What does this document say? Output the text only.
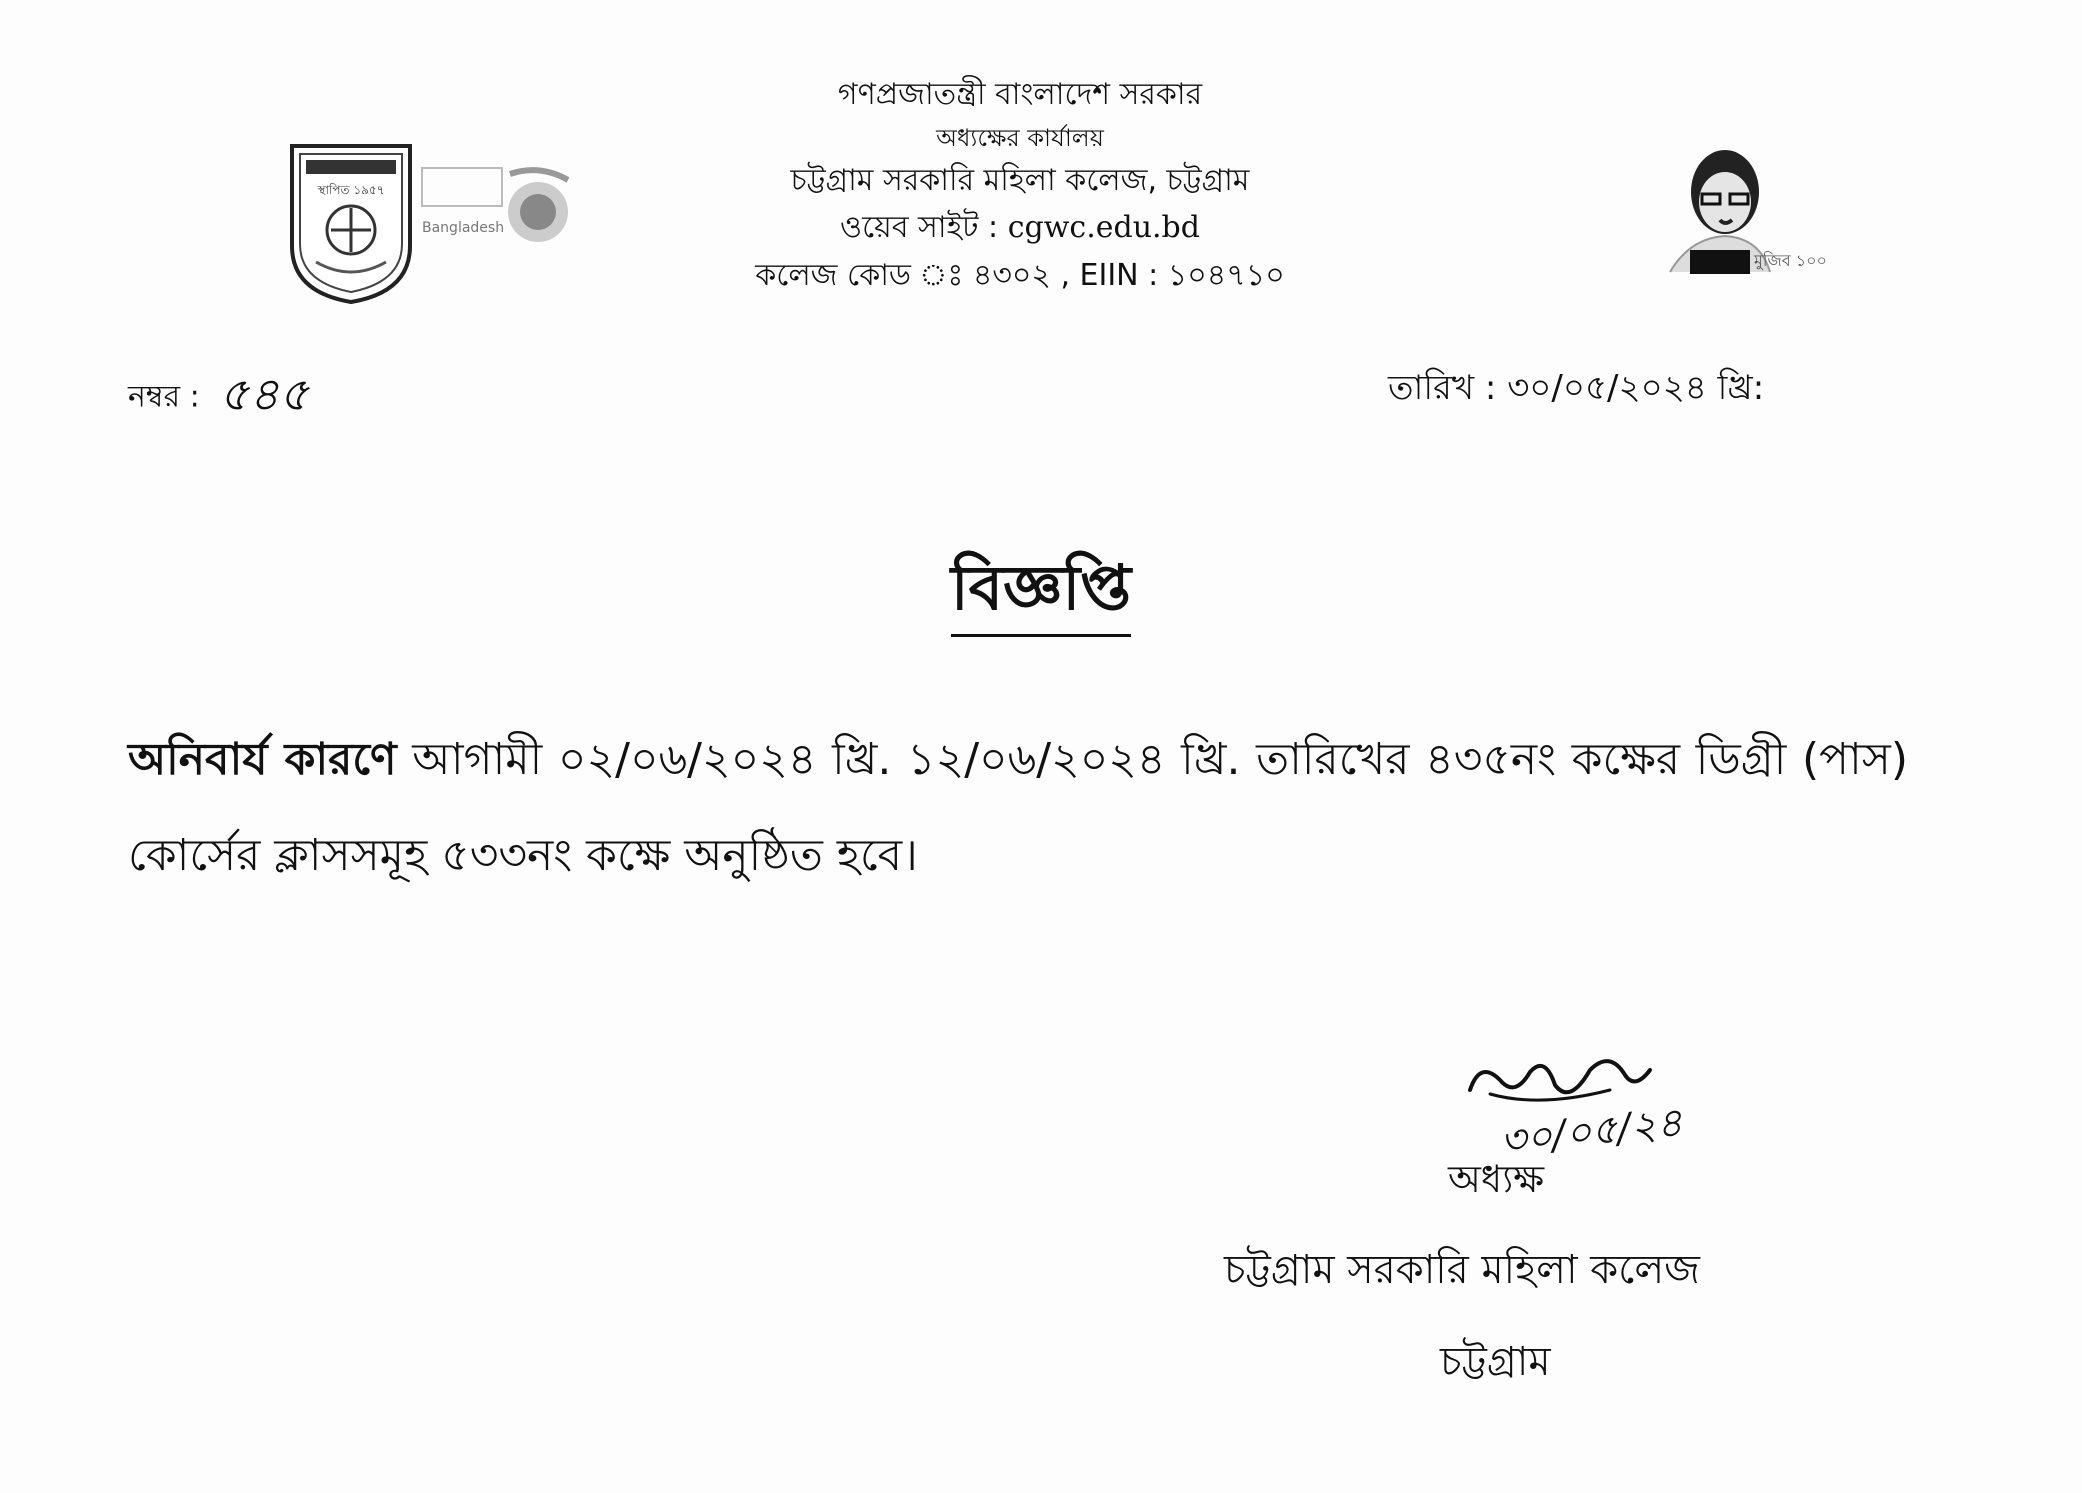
স্থাপিত ১৯৫৭
Bangladesh
মুজিব ১০০
গণপ্রজাতন্ত্রী বাংলাদেশ সরকার
অধ্যক্ষের কার্যালয়
চট্টগ্রাম সরকারি মহিলা কলেজ, চট্টগ্রাম
ওয়েব সাইট : cgwc.edu.bd
কলেজ কোড ঃ ৪৩০২ , EIIN : ১০৪৭১০
নম্বর : ৫৪৫	তারিখ : ৩০/০৫/২০২৪ খ্রি:
বিজ্ঞপ্তি
অনিবার্য কারণে আগামী ০২/০৬/২০২৪ খ্রি. ১২/০৬/২০২৪ খ্রি. তারিখের ৪৩৫নং কক্ষের ডিগ্রী (পাস) কোর্সের ক্লাসসমূহ ৫৩৩নং কক্ষে অনুষ্ঠিত হবে।
৩০/০৫/২৪
অধ্যক্ষ
চট্টগ্রাম সরকারি মহিলা কলেজ
চট্টগ্রাম
